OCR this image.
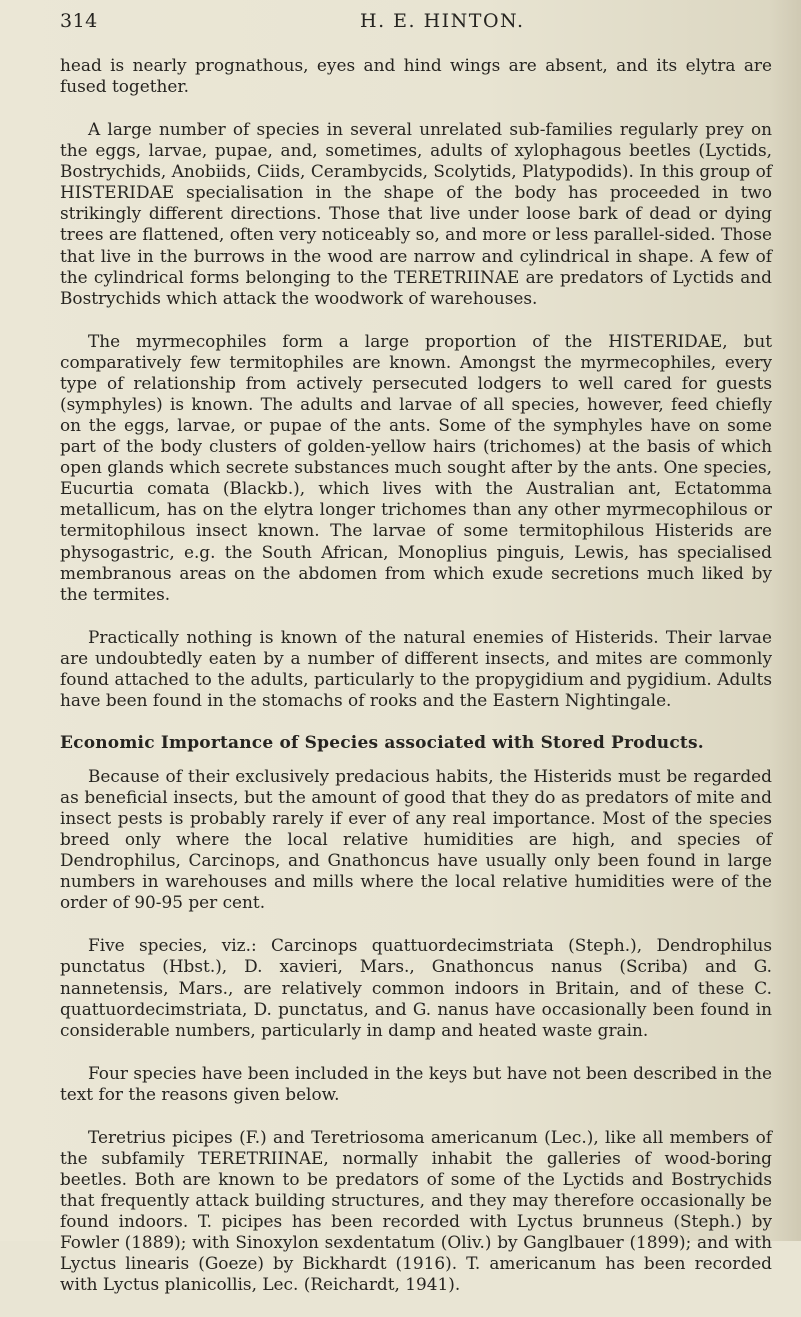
314	H. E. HINTON.

head is nearly prognathous, eyes and hind wings are absent, and its elytra are fused together.

A large number of species in several unrelated sub-families regularly prey on the eggs, larvae, pupae, and, sometimes, adults of xylophagous beetles (Lyctids, Bostrychids, Anobiids, Ciids, Cerambycids, Scolytids, Platypodids). In this group of HISTERIDAE specialisation in the shape of the body has proceeded in two strikingly different directions. Those that live under loose bark of dead or dying trees are flattened, often very noticeably so, and more or less parallel-sided. Those that live in the burrows in the wood are narrow and cylindrical in shape. A few of the cylindrical forms belonging to the TERETRIINAE are predators of Lyctids and Bostrychids which attack the woodwork of warehouses.

The myrmecophiles form a large proportion of the HISTERIDAE, but comparatively few termitophiles are known. Amongst the myrmecophiles, every type of relationship from actively persecuted lodgers to well cared for guests (symphyles) is known. The adults and larvae of all species, however, feed chiefly on the eggs, larvae, or pupae of the ants. Some of the symphyles have on some part of the body clusters of golden-yellow hairs (trichomes) at the basis of which open glands which secrete substances much sought after by the ants. One species, Eucurtia comata (Blackb.), which lives with the Australian ant, Ectatomma metallicum, has on the elytra longer trichomes than any other myrmecophilous or termitophilous insect known. The larvae of some termitophilous Histerids are physogastric, e.g. the South African, Monoplius pinguis, Lewis, has specialised membranous areas on the abdomen from which exude secretions much liked by the termites.

Practically nothing is known of the natural enemies of Histerids. Their larvae are undoubtedly eaten by a number of different insects, and mites are commonly found attached to the adults, particularly to the propygidium and pygidium. Adults have been found in the stomachs of rooks and the Eastern Nightingale.

Economic Importance of Species associated with Stored Products.

Because of their exclusively predacious habits, the Histerids must be regarded as beneficial insects, but the amount of good that they do as predators of mite and insect pests is probably rarely if ever of any real importance. Most of the species breed only where the local relative humidities are high, and species of Dendrophilus, Carcinops, and Gnathoncus have usually only been found in large numbers in warehouses and mills where the local relative humidities were of the order of 90-95 per cent.

Five species, viz.: Carcinops quattuordecimstriata (Steph.), Dendrophilus punctatus (Hbst.), D. xavieri, Mars., Gnathoncus nanus (Scriba) and G. nannetensis, Mars., are relatively common indoors in Britain, and of these C. quattuordecimstriata, D. punctatus, and G. nanus have occasionally been found in considerable numbers, particularly in damp and heated waste grain.

Four species have been included in the keys but have not been described in the text for the reasons given below.

Teretrius picipes (F.) and Teretriosoma americanum (Lec.), like all members of the subfamily TERETRIINAE, normally inhabit the galleries of wood-boring beetles. Both are known to be predators of some of the Lyctids and Bostrychids that frequently attack building structures, and they may therefore occasionally be found indoors. T. picipes has been recorded with Lyctus brunneus (Steph.) by Fowler (1889); with Sinoxylon sexdentatum (Oliv.) by Ganglbauer (1899); and with Lyctus linearis (Goeze) by Bickhardt (1916). T. americanum has been recorded with Lyctus planicollis, Lec. (Reichardt, 1941).
